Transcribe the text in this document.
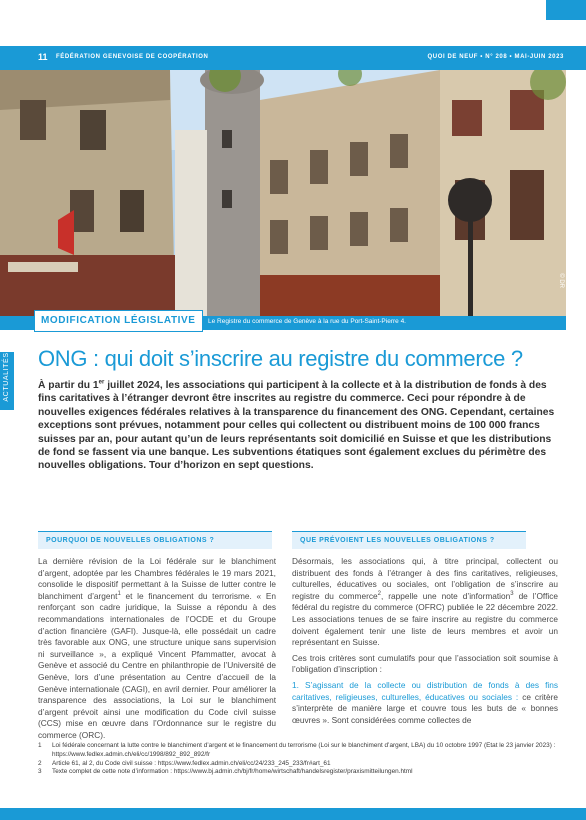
11 FÉDÉRATION GENEVOISE DE COOPÉRATION	QUOI DE NEUF • N° 208 • MAI-JUIN 2023
© DR
MODIFICATION LÉGISLATIVE	Le Registre du commerce de Genève à la rue du Port-Saint-Pierre 4.
ACTUALITÉS ONG : qui doit s’inscrire au registre du commerce ?
À partir du 1er juillet 2024, les associations qui participent à la collecte et à la distribution de fonds à des fins caritatives à l’étranger devront être inscrites au registre du commerce. Ceci pour répondre à de nouvelles exigences fédérales relatives à la transparence du financement des ONG. Cependant, certaines exceptions sont prévues, notamment pour celles qui collectent ou distribuent moins de 100 000 francs suisses par an, pour autant qu’un de leurs représentants soit domicilié en Suisse et que les distributions de fond se fassent via une banque. Les subventions étatiques sont également exclues du périmètre des nouvelles obligations. Tour d’horizon en sept questions.
POURQUOI DE NOUVELLES OBLIGATIONS ?

La dernière révision de la Loi fédérale sur le blanchiment d’argent, adoptée par les Chambres fédérales le 19 mars 2021, consolide le dispositif permettant à la Suisse de lutter contre le blanchiment d’argent$^1$ et le financement du terrorisme. « En renforçant son cadre juridique, la Suisse a répondu à des recommandations internationales de l’OCDE et du Groupe d’action financière (GAFI). Jusque-là, elle possédait un cadre très favorable aux ONG, une structure unique sans supervision ni surveillance », a expliqué Vincent Pfammatter, avocat à Genève et associé du Centre en philanthropie de l’Université de Genève, lors d’une présentation au Centre d’accueil de la Genève internationale (CAGI), en avril dernier. Pour améliorer la transparence des associations, la Loi sur le blanchiment d’argent prévoit ainsi une modification du Code civil suisse (CCS) mise en œuvre dans l’Ordonnance sur le registre du commerce (ORC).

QUE PRÉVOIENT LES NOUVELLES OBLIGATIONS ?

Désormais, les associations qui, à titre principal, collectent ou distribuent des fonds à l’étranger à des fins caritatives, religieuses, culturelles, éducatives ou sociales, ont l’obligation de s’inscrire au registre du commerce$^2$, rappelle une note d’information$^3$ de l’Office fédéral du registre du commerce (OFRC) publiée le 22 décembre 2022. Les associations tenues de se faire inscrire au registre du commerce doivent également tenir une liste de leurs membres et avoir un représentant en Suisse.

Ces trois critères sont cumulatifs pour que l’association soit soumise à l’obligation d’inscription :

1. S’agissant de la collecte ou distribution de fonds à des fins caritatives, religieuses, culturelles, éducatives ou sociales : ce critère s’interprète de manière large et couvre tous les buts de « bonnes œuvres ». Sont considérées comme collectes de

1	Loi fédérale concernant la lutte contre le blanchiment d’argent et le financement du terrorisme (Loi sur le blanchiment d’argent, LBA) du 10 octobre 1997 (Etat le 23 janvier 2023) : https://www.fedlex.admin.ch/eli/cc/1998/892_892_892/fr
2	Article 61, al 2, du Code civil suisse : https://www.fedlex.admin.ch/eli/cc/24/233_245_233/fr#art_61
3	Texte complet de cette note d’information : https://www.bj.admin.ch/bj/fr/home/wirtschaft/handelsregister/praxismitteilungen.html
